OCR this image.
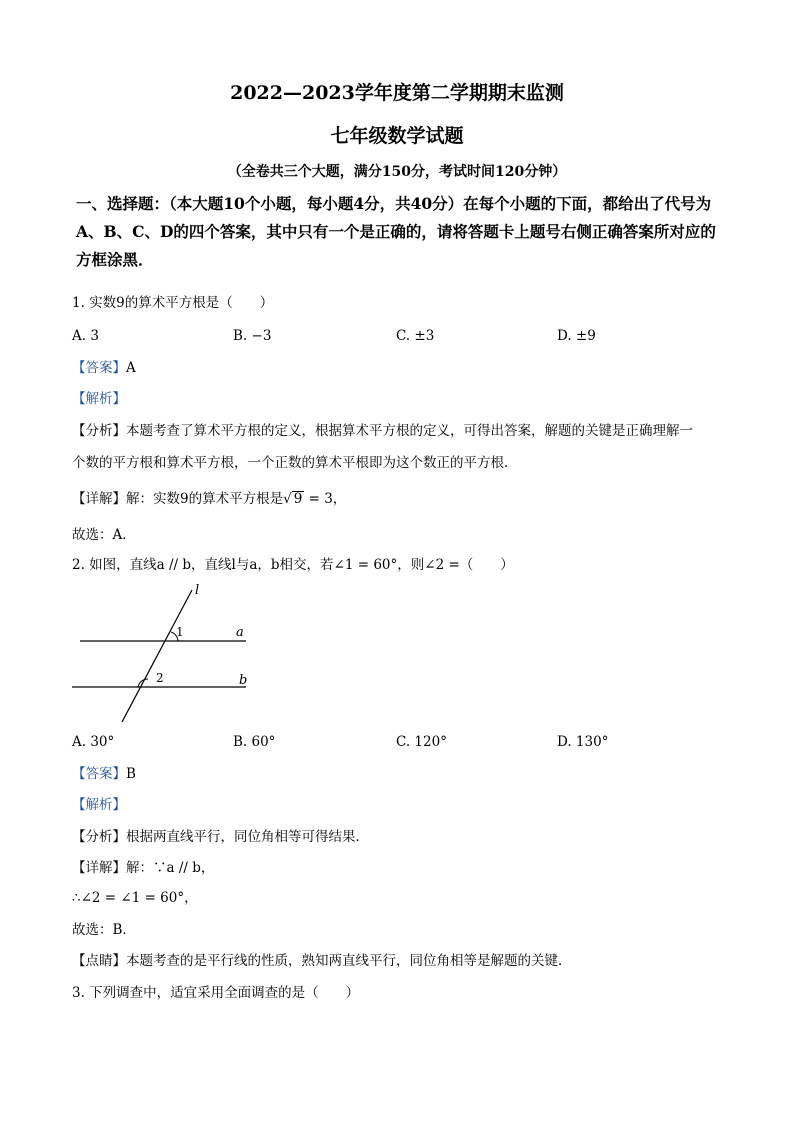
2022—2023学年度第二学期期末监测
七年级数学试题
（全卷共三个大题，满分150分，考试时间120分钟）
一、选择题：（本大题10个小题，每小题4分，共40分）在每个小题的下面，都给出了代号为A、B、C、D的四个答案，其中只有一个是正确的，请将答题卡上题号右侧正确答案所对应的方框涂黑．
1. 实数9的算术平方根是（　　）
A. 3	B. −3	C. ±3	D. ±9
【答案】A
【解析】
【分析】本题考查了算术平方根的定义，根据算术平方根的定义，可得出答案，解题的关键是正确理解一
个数的平方根和算术平方根，一个正数的算术平根即为这个数正的平方根．
【详解】解：实数9的算术平方根是√ 9 = 3，
故选：A．
2. 如图，直线a // b，直线l与a，b相交，若∠1 = 60°，则∠2 =（　　）
l
1	a
2	b
A. 30°	B. 60°	C. 120°	D. 130°
【答案】B
【解析】
【分析】根据两直线平行，同位角相等可得结果．
【详解】解：∵a // b，
∴∠2 = ∠1 = 60°，
故选：B．
【点睛】本题考查的是平行线的性质，熟知两直线平行，同位角相等是解题的关键．
3. 下列调查中，适宜采用全面调查的是（　　）
